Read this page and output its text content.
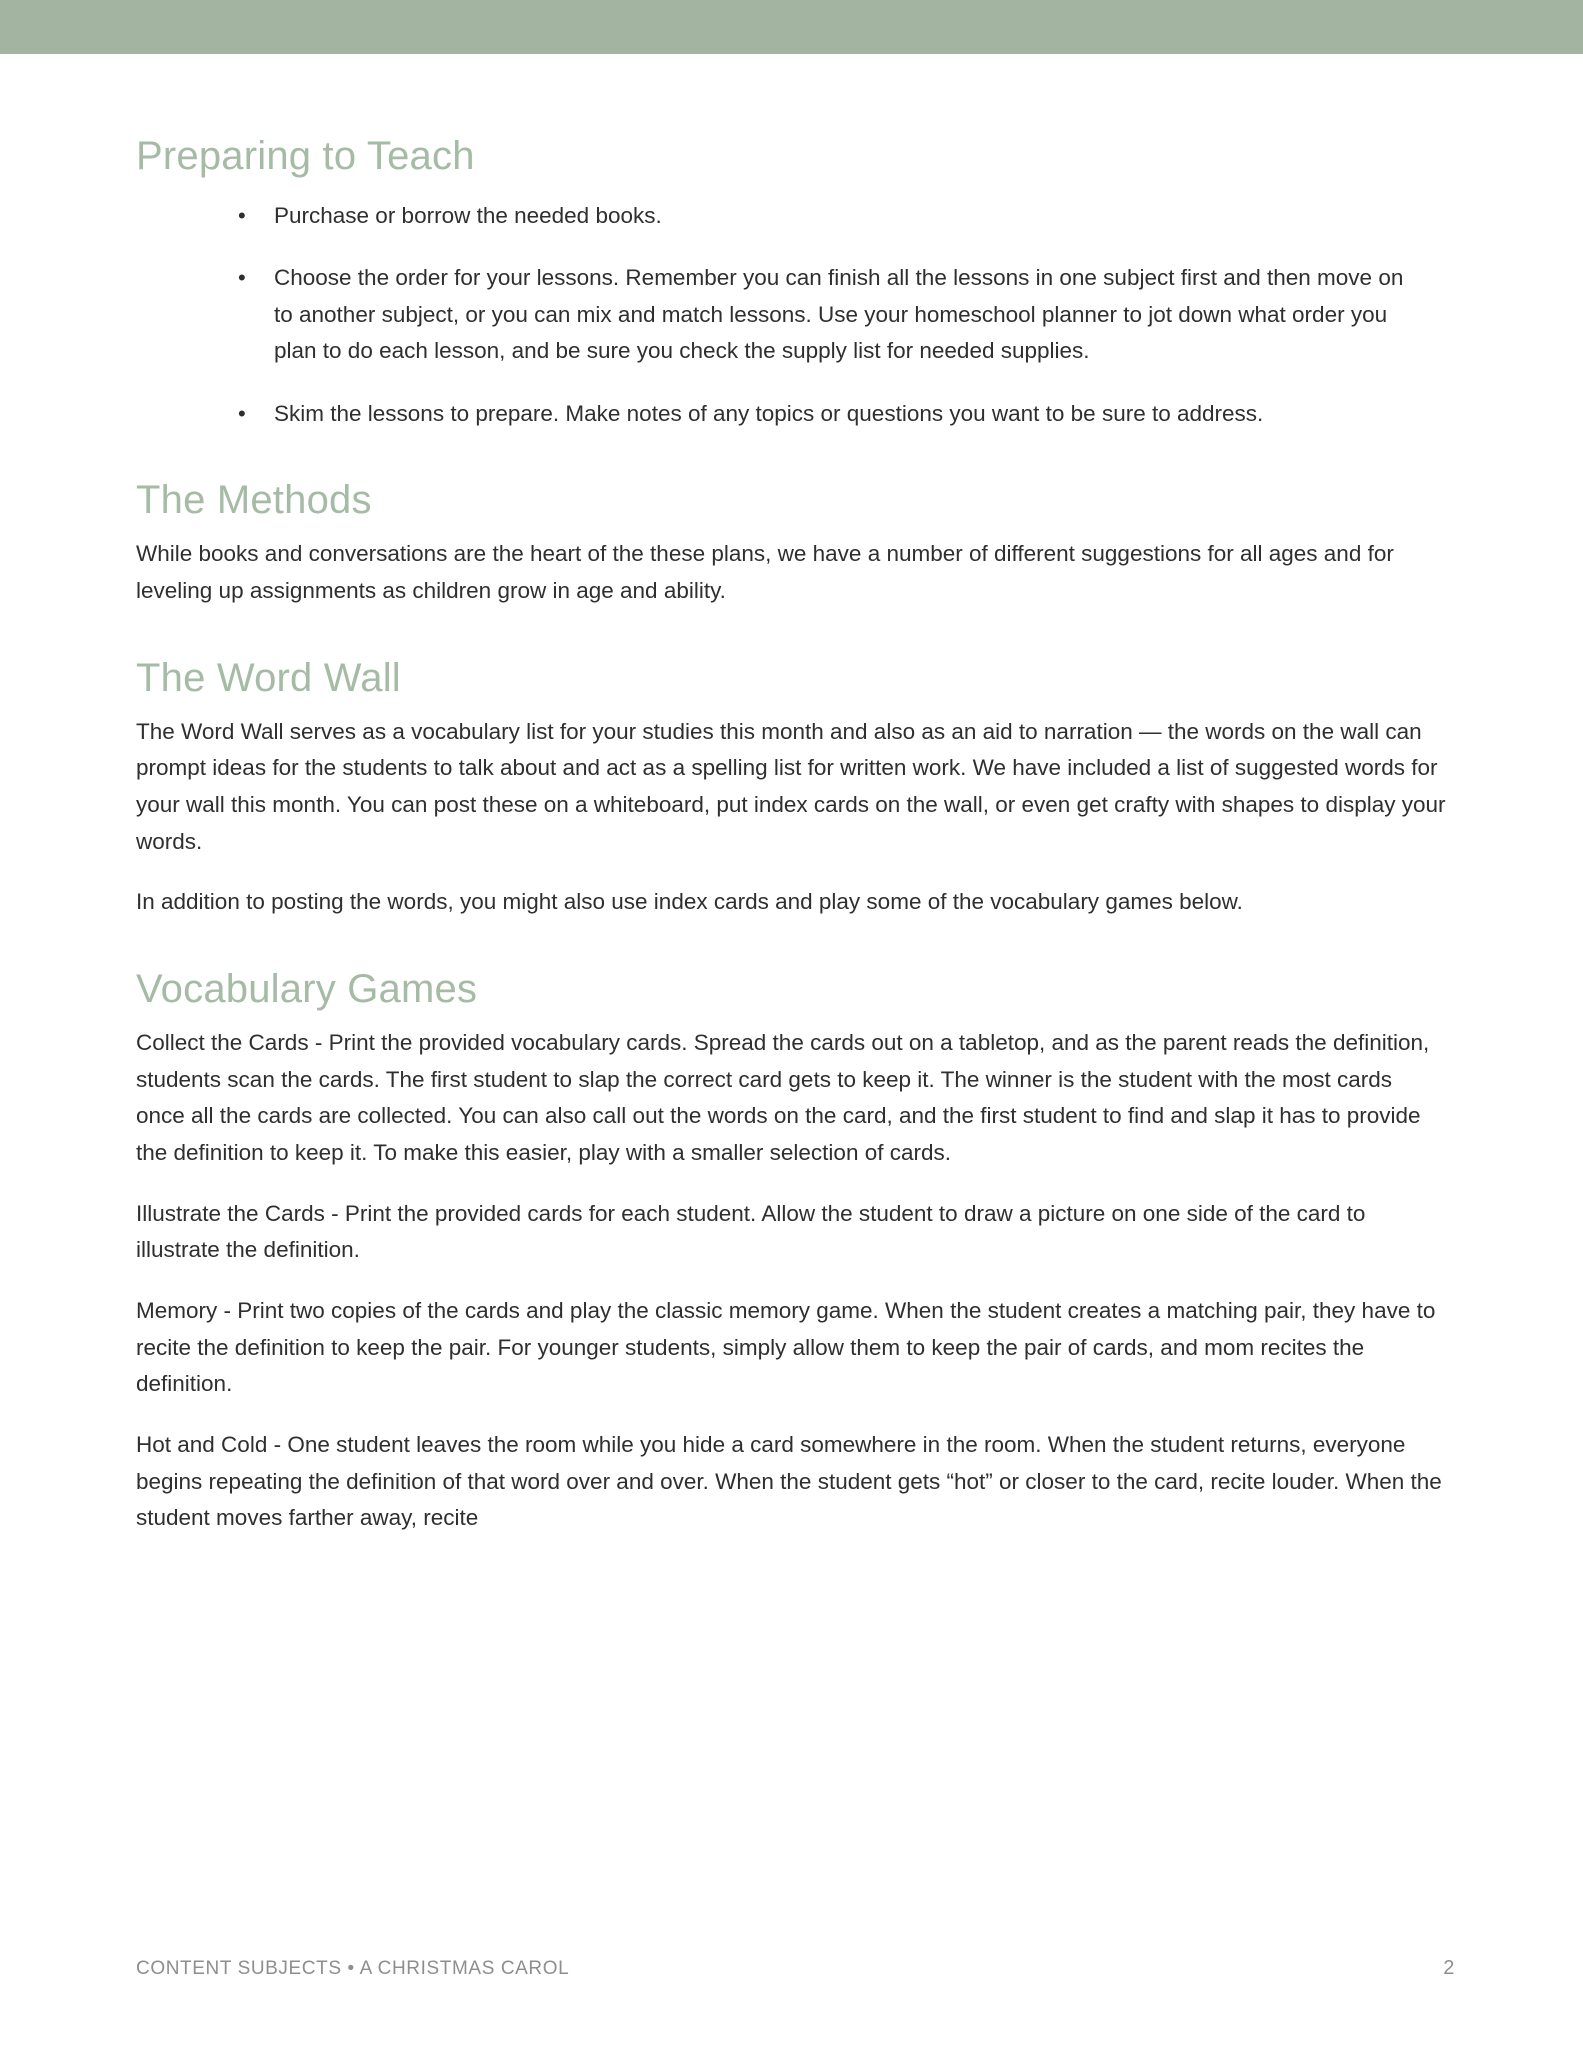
Preparing to Teach
• Purchase or borrow the needed books.
• Choose the order for your lessons. Remember you can finish all the lessons in one subject first and then move on to another subject, or you can mix and match lessons. Use your homeschool planner to jot down what order you plan to do each lesson, and be sure you check the supply list for needed supplies.
• Skim the lessons to prepare. Make notes of any topics or questions you want to be sure to address.
The Methods

While books and conversations are the heart of the these plans, we have a number of different suggestions for all ages and for leveling up assignments as children grow in age and ability.

The Word Wall

The Word Wall serves as a vocabulary list for your studies this month and also as an aid to narration — the words on the wall can prompt ideas for the students to talk about and act as a spelling list for written work. We have included a list of suggested words for your wall this month. You can post these on a whiteboard, put index cards on the wall, or even get crafty with shapes to display your words.

In addition to posting the words, you might also use index cards and play some of the vocabulary games below.

Vocabulary Games

Collect the Cards - Print the provided vocabulary cards. Spread the cards out on a tabletop, and as the parent reads the definition, students scan the cards. The first student to slap the correct card gets to keep it. The winner is the student with the most cards once all the cards are collected. You can also call out the words on the card, and the first student to find and slap it has to provide the definition to keep it. To make this easier, play with a smaller selection of cards.

Illustrate the Cards - Print the provided cards for each student. Allow the student to draw a picture on one side of the card to illustrate the definition.

Memory - Print two copies of the cards and play the classic memory game. When the student creates a matching pair, they have to recite the definition to keep the pair. For younger students, simply allow them to keep the pair of cards, and mom recites the definition.

Hot and Cold - One student leaves the room while you hide a card somewhere in the room. When the student returns, everyone begins repeating the definition of that word over and over. When the student gets “hot” or closer to the card, recite louder. When the student moves farther away, recite

CONTENT SUBJECTS • A CHRISTMAS CAROL	2
